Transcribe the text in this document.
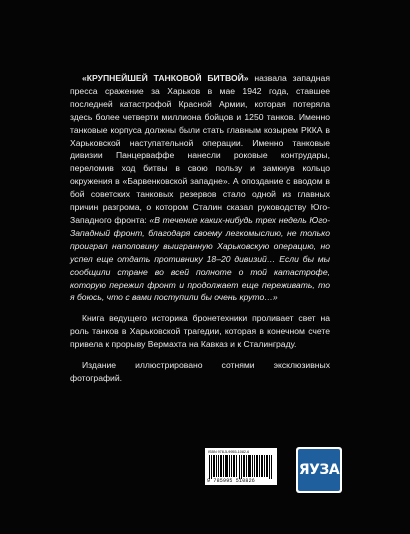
«КРУПНЕЙШЕЙ ТАНКОВОЙ БИТВОЙ» назвала западная пресса сражение за Харьков в мае 1942 года, ставшее последней катастрофой Красной Армии, которая потеряла здесь более четверти миллиона бойцов и 1250 танков. Именно танковые корпуса должны были стать главным козырем РККА в Харьковской наступательной операции. Именно танковые дивизии Панцерваффе нанесли роковые контрудары, переломив ход битвы в свою пользу и замкнув кольцо окружения в «Барвенковской западне». А опоздание с вводом в бой советских танковых резервов стало одной из главных причин разгрома, о котором Сталин сказал руководству Юго-Западного фронта: «В течение каких-нибудь трех недель Юго-Западный фронт, благодаря своему легкомыслию, не только проиграл наполовину выигранную Харьковскую операцию, но успел еще отдать противнику 18–20 дивизий… Если бы мы сообщили стране во всей полноте о той катастрофе, которую пережил фронт и продолжает еще переживать, то я боюсь, что с вами поступили бы очень круто…»

Книга ведущего историка бронетехники проливает свет на роль танков в Харьковской трагедии, которая в конечном счете привела к прорыву Вермахта на Кавказ и к Сталинграду.

Издание иллюстрировано сотнями эксклюзивных фотографий.

ISBN 978-5-9955-1082-6
9 785995 510826
ЯУЗА
